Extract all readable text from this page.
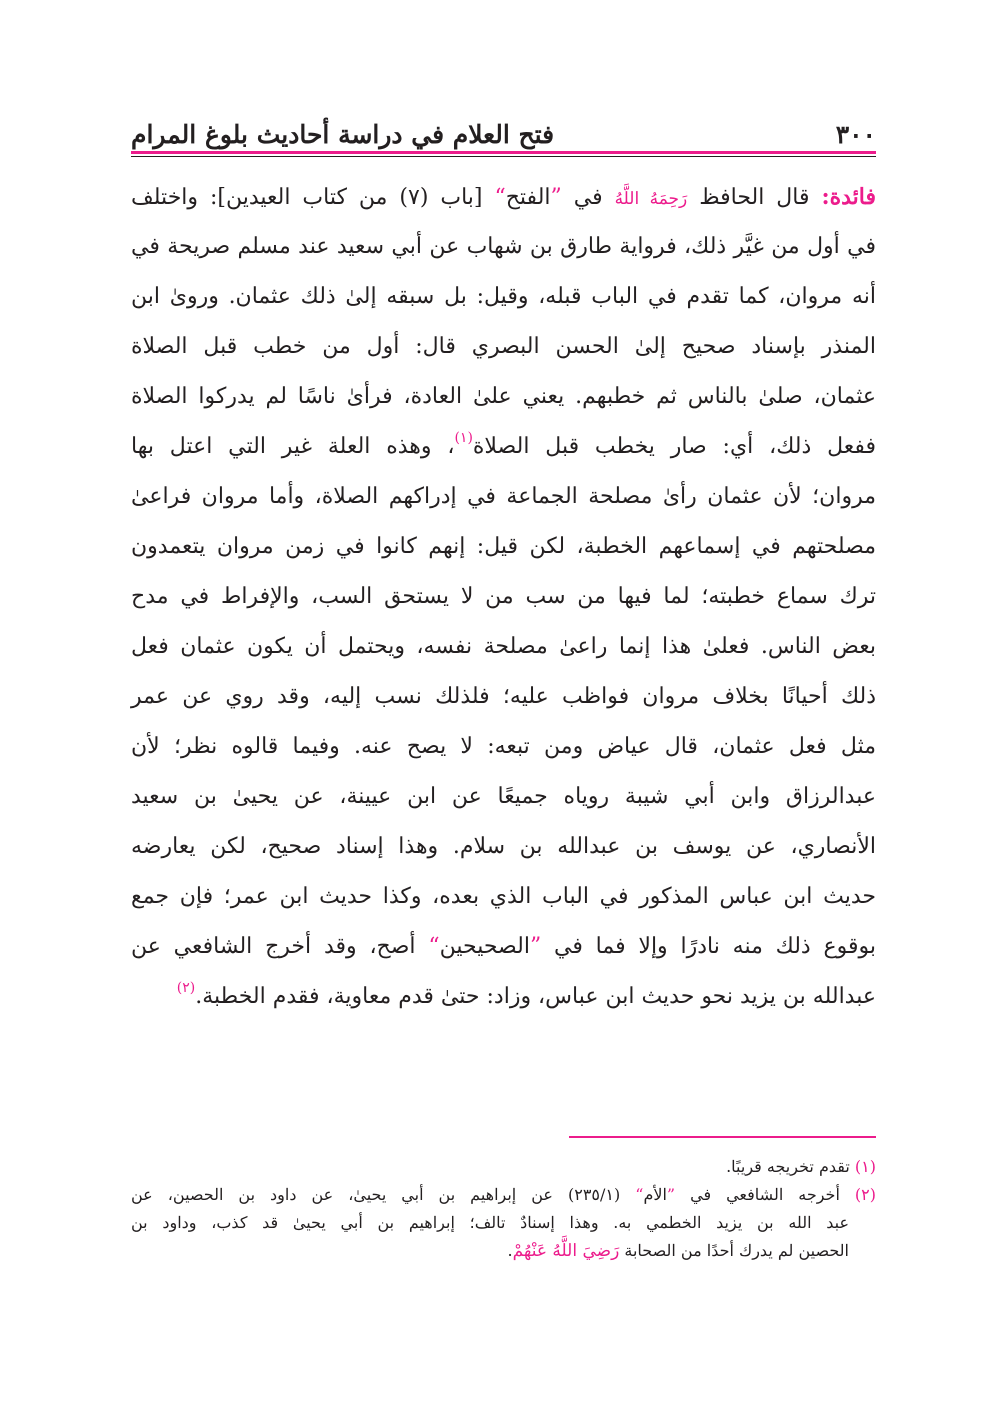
٣٠٠
فتح العلام في دراسة أحاديث بلوغ المرام
فائدة: قال الحافظ رَحِمَهُ اللَّهُ في ”الفتح“ [باب (٧) من كتاب العيدين]: واختلف
في أول من غيَّر ذلك، فرواية طارق بن شهاب عن أبي سعيد عند مسلم صريحة في
أنه مروان، كما تقدم في الباب قبله، وقيل: بل سبقه إلىٰ ذلك عثمان. وروىٰ ابن
المنذر بإسناد صحيح إلىٰ الحسن البصري قال: أول من خطب قبل الصلاة
عثمان، صلىٰ بالناس ثم خطبهم. يعني علىٰ العادة، فرأىٰ ناسًا لم يدركوا الصلاة
ففعل ذلك، أي: صار يخطب قبل الصلاة$^{(١)}$، وهذه العلة غير التي اعتل بها
مروان؛ لأن عثمان رأىٰ مصلحة الجماعة في إدراكهم الصلاة، وأما مروان فراعىٰ
مصلحتهم في إسماعهم الخطبة، لكن قيل: إنهم كانوا في زمن مروان يتعمدون
ترك سماع خطبته؛ لما فيها من سب من لا يستحق السب، والإفراط في مدح
بعض الناس. فعلىٰ هذا إنما راعىٰ مصلحة نفسه، ويحتمل أن يكون عثمان فعل
ذلك أحيانًا بخلاف مروان فواظب عليه؛ فلذلك نسب إليه، وقد روي عن عمر
مثل فعل عثمان، قال عياض ومن تبعه: لا يصح عنه. وفيما قالوه نظر؛ لأن
عبدالرزاق وابن أبي شيبة روياه جميعًا عن ابن عيينة، عن يحيىٰ بن سعيد
الأنصاري، عن يوسف بن عبدالله بن سلام. وهذا إسناد صحيح، لكن يعارضه
حديث ابن عباس المذكور في الباب الذي بعده، وكذا حديث ابن عمر؛ فإن جمع
بوقوع ذلك منه نادرًا وإلا فما في ”الصحيحين“ أصح، وقد أخرج الشافعي عن
عبدالله بن يزيد نحو حديث ابن عباس، وزاد: حتىٰ قدم معاوية، فقدم الخطبة.$^{(٢)}$
(١) تقدم تخريجه قريبًا.
(٢) أخرجه الشافعي في ”الأم“ (٢٣٥/١) عن إبراهيم بن أبي يحيىٰ، عن داود بن الحصين، عن
عبد الله بن يزيد الخطمي به. وهذا إسنادٌ تالف؛ إبراهيم بن أبي يحيىٰ قد كذب، وداود بن
الحصين لم يدرك أحدًا من الصحابة رَضِيَ اللَّهُ عَنْهُمْ.
